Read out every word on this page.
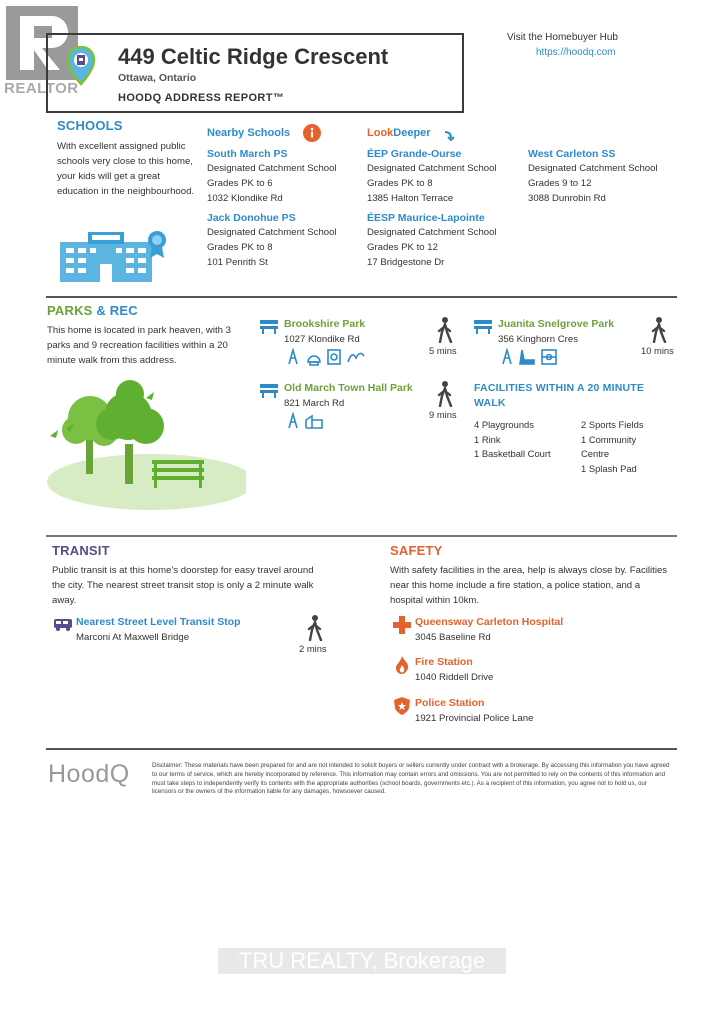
REALTOR
449 Celtic Ridge Crescent
Ottawa, Ontario
HOODQ ADDRESS REPORT™
Visit the Homebuyer Hub
https://hoodq.com
SCHOOLS
With excellent assigned public schools very close to this home, your kids will get a great education in the neighbourhood.
Nearby Schools	LookDeeper
South March PS
Designated Catchment School
Grades PK to 6
1032 Klondike Rd
Jack Donohue PS
Designated Catchment School
Grades PK to 8
101 Penrith St
ÉEP Grande-Ourse
Designated Catchment School
Grades PK to 8
1385 Halton Terrace
ÉESP Maurice-Lapointe
Designated Catchment School
Grades PK to 12
17 Bridgestone Dr
West Carleton SS
Designated Catchment School
Grades 9 to 12
3088 Dunrobin Rd
PARKS & REC
This home is located in park heaven, with 3 parks and 9 recreation facilities within a 20 minute walk from this address.
Brookshire Park
1027 Klondike Rd
5 mins
Juanita Snelgrove Park
356 Kinghorn Cres
10 mins
Old March Town Hall Park
821 March Rd
9 mins
FACILITIES WITHIN A 20 MINUTE WALK
4 Playgrounds
1 Rink
1 Basketball Court
2 Sports Fields
1 Community
Centre
1 Splash Pad
TRANSIT
Public transit is at this home's doorstep for easy travel around the city. The nearest street transit stop is only a 2 minute walk away.
Nearest Street Level Transit Stop
Marconi At Maxwell Bridge
2 mins
SAFETY
With safety facilities in the area, help is always close by. Facilities near this home include a fire station, a police station, and a hospital within 10km.
Queensway Carleton Hospital
3045 Baseline Rd
Fire Station
1040 Riddell Drive
Police Station
1921 Provincial Police Lane
HoodQ	Disclaimer: These materials have been prepared for and are not intended to solicit buyers or sellers currently under contract with a brokerage. By accessing this information you have agreed to our terms of service, which are hereby incorporated by reference. This information may contain errors and omissions. You are not permitted to rely on the contents of this information and must take steps to independently verify its contents with the appropriate authorities (school boards, governments etc.). As a recipient of this information, you agree not to hold us, our licensors or the owners of the information liable for any damages, howsoever caused.
TRU REALTY, Brokerage
